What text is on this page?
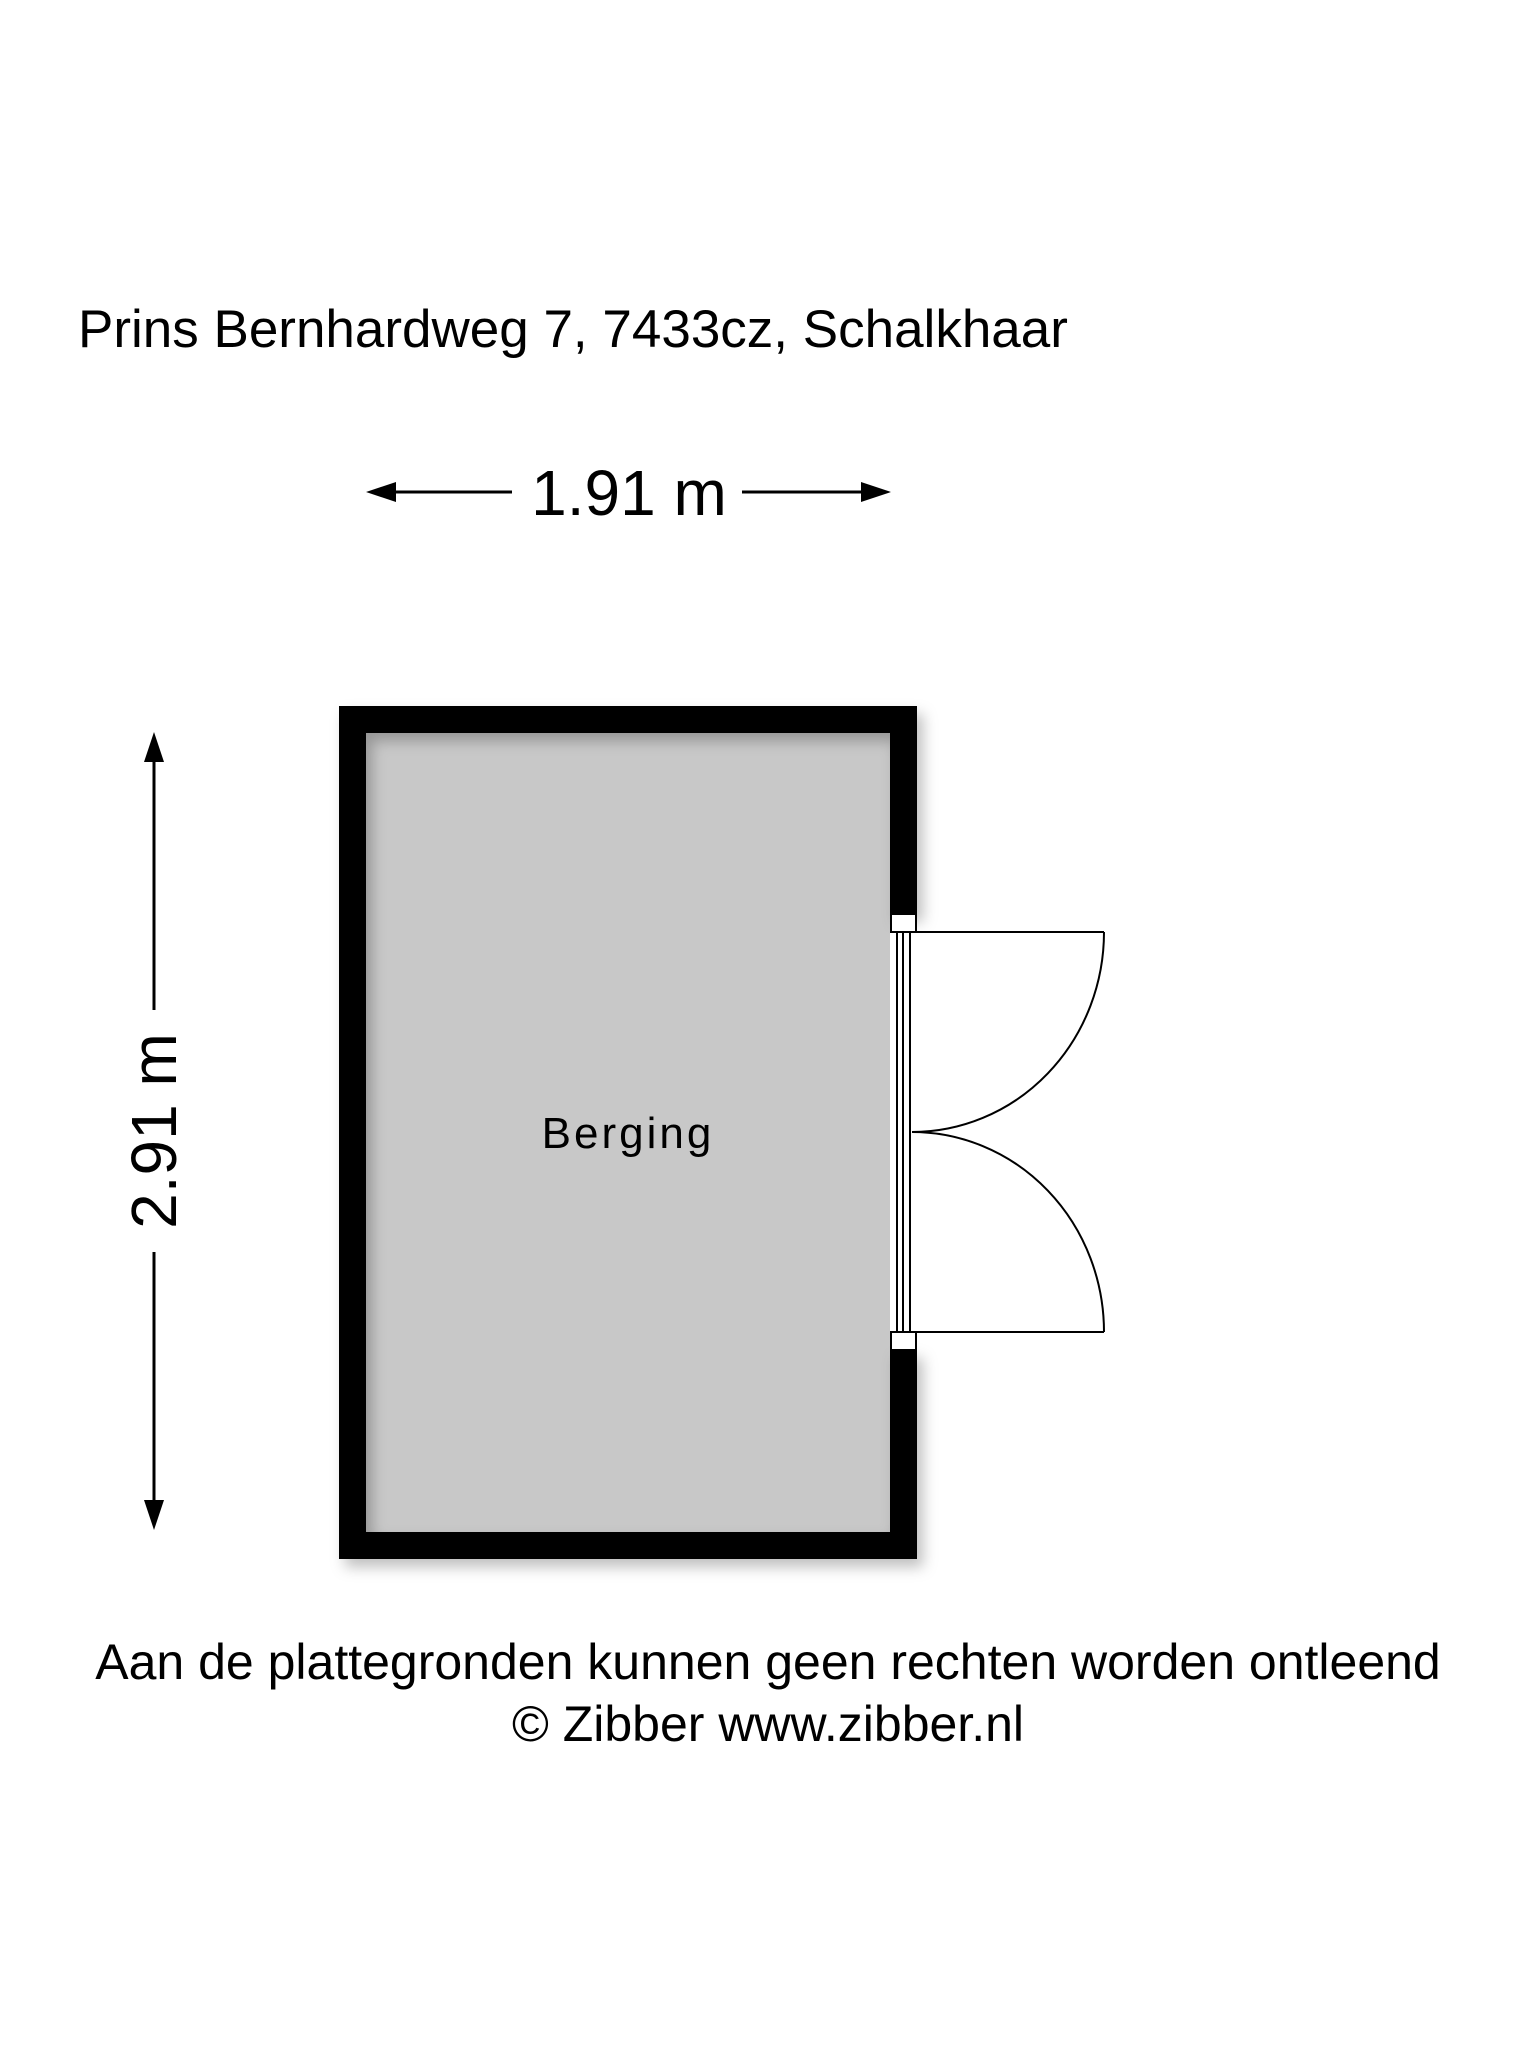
Prins Bernhardweg 7, 7433cz, Schalkhaar
1.91 m
2.91 m	Berging
Aan de plattegronden kunnen geen rechten worden ontleend
© Zibber www.zibber.nl
